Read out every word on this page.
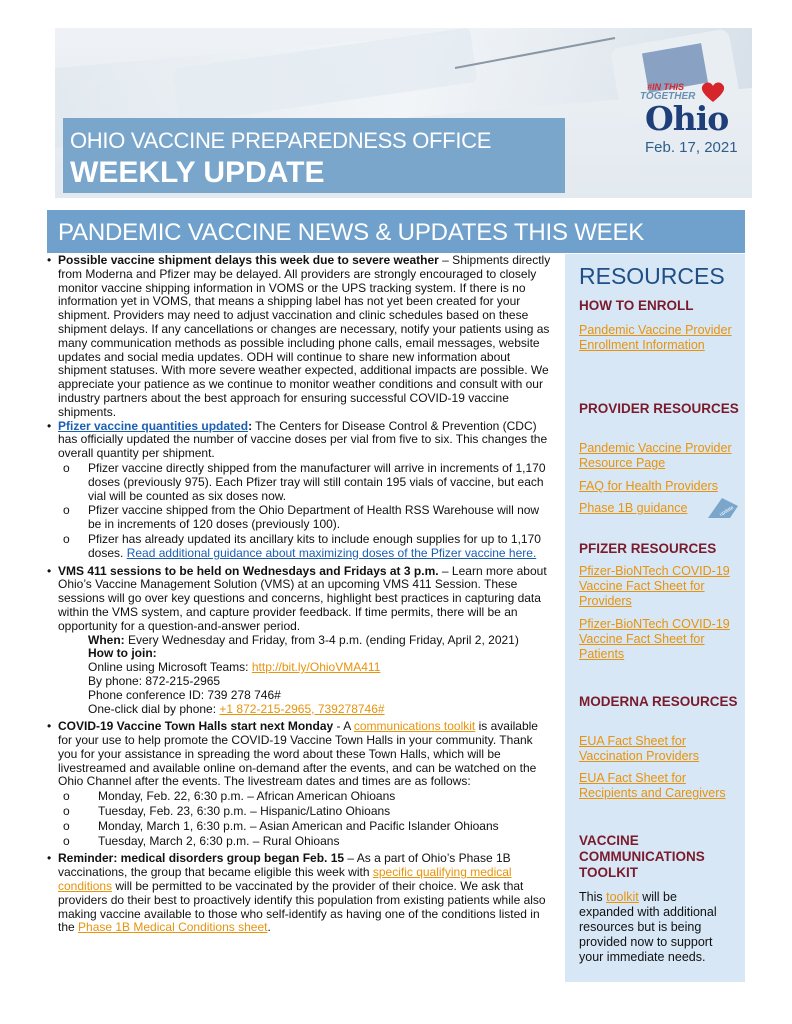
OHIO VACCINE PREPAREDNESS OFFICE
WEEKLY UPDATE
#IN THIS
TOGETHER
Ohio
Feb. 17, 2021
PANDEMIC VACCINE NEWS & UPDATES THIS WEEK
• Possible vaccine shipment delays this week due to severe weather – Shipments directly from Moderna and Pfizer may be delayed. All providers are strongly encouraged to closely monitor vaccine shipping information in VOMS or the UPS tracking system. If there is no information yet in VOMS, that means a shipping label has not yet been created for your shipment. Providers may need to adjust vaccination and clinic schedules based on these shipment delays. If any cancellations or changes are necessary, notify your patients using as many communication methods as possible including phone calls, email messages, website updates and social media updates. ODH will continue to share new information about shipment statuses. With more severe weather expected, additional impacts are possible. We appreciate your patience as we continue to monitor weather conditions and consult with our industry partners about the best approach for ensuring successful COVID-19 vaccine shipments.
• Pfizer vaccine quantities updated: The Centers for Disease Control & Prevention (CDC) has officially updated the number of vaccine doses per vial from five to six. This changes the overall quantity per shipment.
o Pfizer vaccine directly shipped from the manufacturer will arrive in increments of 1,170 doses (previously 975). Each Pfizer tray will still contain 195 vials of vaccine, but each vial will be counted as six doses now.
o Pfizer vaccine shipped from the Ohio Department of Health RSS Warehouse will now be in increments of 120 doses (previously 100).
o Pfizer has already updated its ancillary kits to include enough supplies for up to 1,170 doses. Read additional guidance about maximizing doses of the Pfizer vaccine here.
• VMS 411 sessions to be held on Wednesdays and Fridays at 3 p.m. – Learn more about Ohio’s Vaccine Management Solution (VMS) at an upcoming VMS 411 Session. These sessions will go over key questions and concerns, highlight best practices in capturing data within the VMS system, and capture provider feedback. If time permits, there will be an opportunity for a question-and-answer period.
When: Every Wednesday and Friday, from 3-4 p.m. (ending Friday, April 2, 2021)
How to join:
Online using Microsoft Teams: http://bit.ly/OhioVMA411
By phone: 872-215-2965
Phone conference ID: 739 278 746#
One-click dial by phone: +1 872-215-2965, 739278746#
• COVID-19 Vaccine Town Halls start next Monday - A communications toolkit is available for your use to help promote the COVID-19 Vaccine Town Halls in your community. Thank you for your assistance in spreading the word about these Town Halls, which will be livestreamed and available online on-demand after the events, and can be watched on the Ohio Channel after the events. The livestream dates and times are as follows:
o Monday, Feb. 22, 6:30 p.m. – African American Ohioans
o Tuesday, Feb. 23, 6:30 p.m. – Hispanic/Latino Ohioans
o Monday, March 1, 6:30 p.m. – Asian American and Pacific Islander Ohioans
o Tuesday, March 2, 6:30 p.m. – Rural Ohioans
• Reminder: medical disorders group began Feb. 15 – As a part of Ohio’s Phase 1B vaccinations, the group that became eligible this week with specific qualifying medical conditions will be permitted to be vaccinated by the provider of their choice. We ask that providers do their best to proactively identify this population from existing patients while also making vaccine available to those who self-identify as having one of the conditions listed in the Phase 1B Medical Conditions sheet.
RESOURCES
HOW TO ENROLL
Pandemic Vaccine Provider Enrollment Information
PROVIDER RESOURCES
Pandemic Vaccine Provider Resource Page
FAQ for Health Providers
Phase 1B guidance	update
PFIZER RESOURCES
Pfizer-BioNTech COVID-19 Vaccine Fact Sheet for Providers
Pfizer-BioNTech COVID-19 Vaccine Fact Sheet for Patients
MODERNA RESOURCES
EUA Fact Sheet for Vaccination Providers
EUA Fact Sheet for Recipients and Caregivers
VACCINE COMMUNICATIONS TOOLKIT
This toolkit will be expanded with additional resources but is being provided now to support your immediate needs.
